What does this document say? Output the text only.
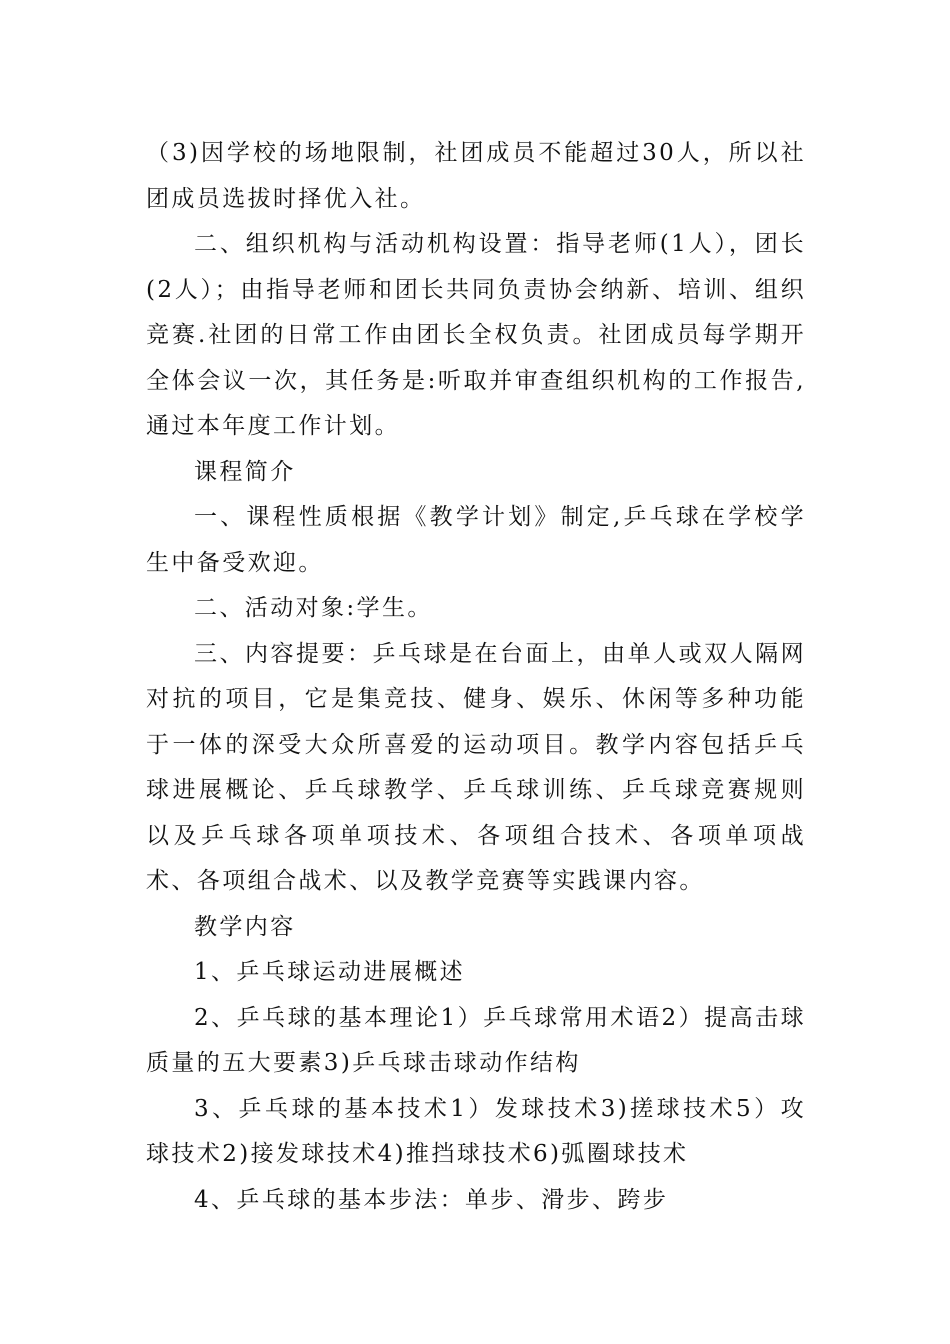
（3)因学校的场地限制，社团成员不能超过30人，所以社团成员选拔时择优入社。

二、组织机构与活动机构设置：指导老师(1人），团长(2人）；由指导老师和团长共同负责协会纳新、培训、组织竞赛.社团的日常工作由团长全权负责。社团成员每学期开全体会议一次，其任务是:听取并审查组织机构的工作报告,通过本年度工作计划。

课程简介

一、课程性质根据《教学计划》制定,乒乓球在学校学生中备受欢迎。

二、活动对象:学生。

三、内容提要：乒乓球是在台面上，由单人或双人隔网对抗的项目，它是集竞技、健身、娱乐、休闲等多种功能于一体的深受大众所喜爱的运动项目。教学内容包括乒乓球进展概论、乒乓球教学、乒乓球训练、乒乓球竞赛规则以及乒乓球各项单项技术、各项组合技术、各项单项战术、各项组合战术、以及教学竞赛等实践课内容。

教学内容

1、乒乓球运动进展概述

2、乒乓球的基本理论1）乒乓球常用术语2）提高击球质量的五大要素3)乒乓球击球动作结构

3、乒乓球的基本技术1）发球技术3)搓球技术5）攻球技术2)接发球技术4)推挡球技术6)弧圈球技术

4、乒乓球的基本步法：单步、滑步、跨步
